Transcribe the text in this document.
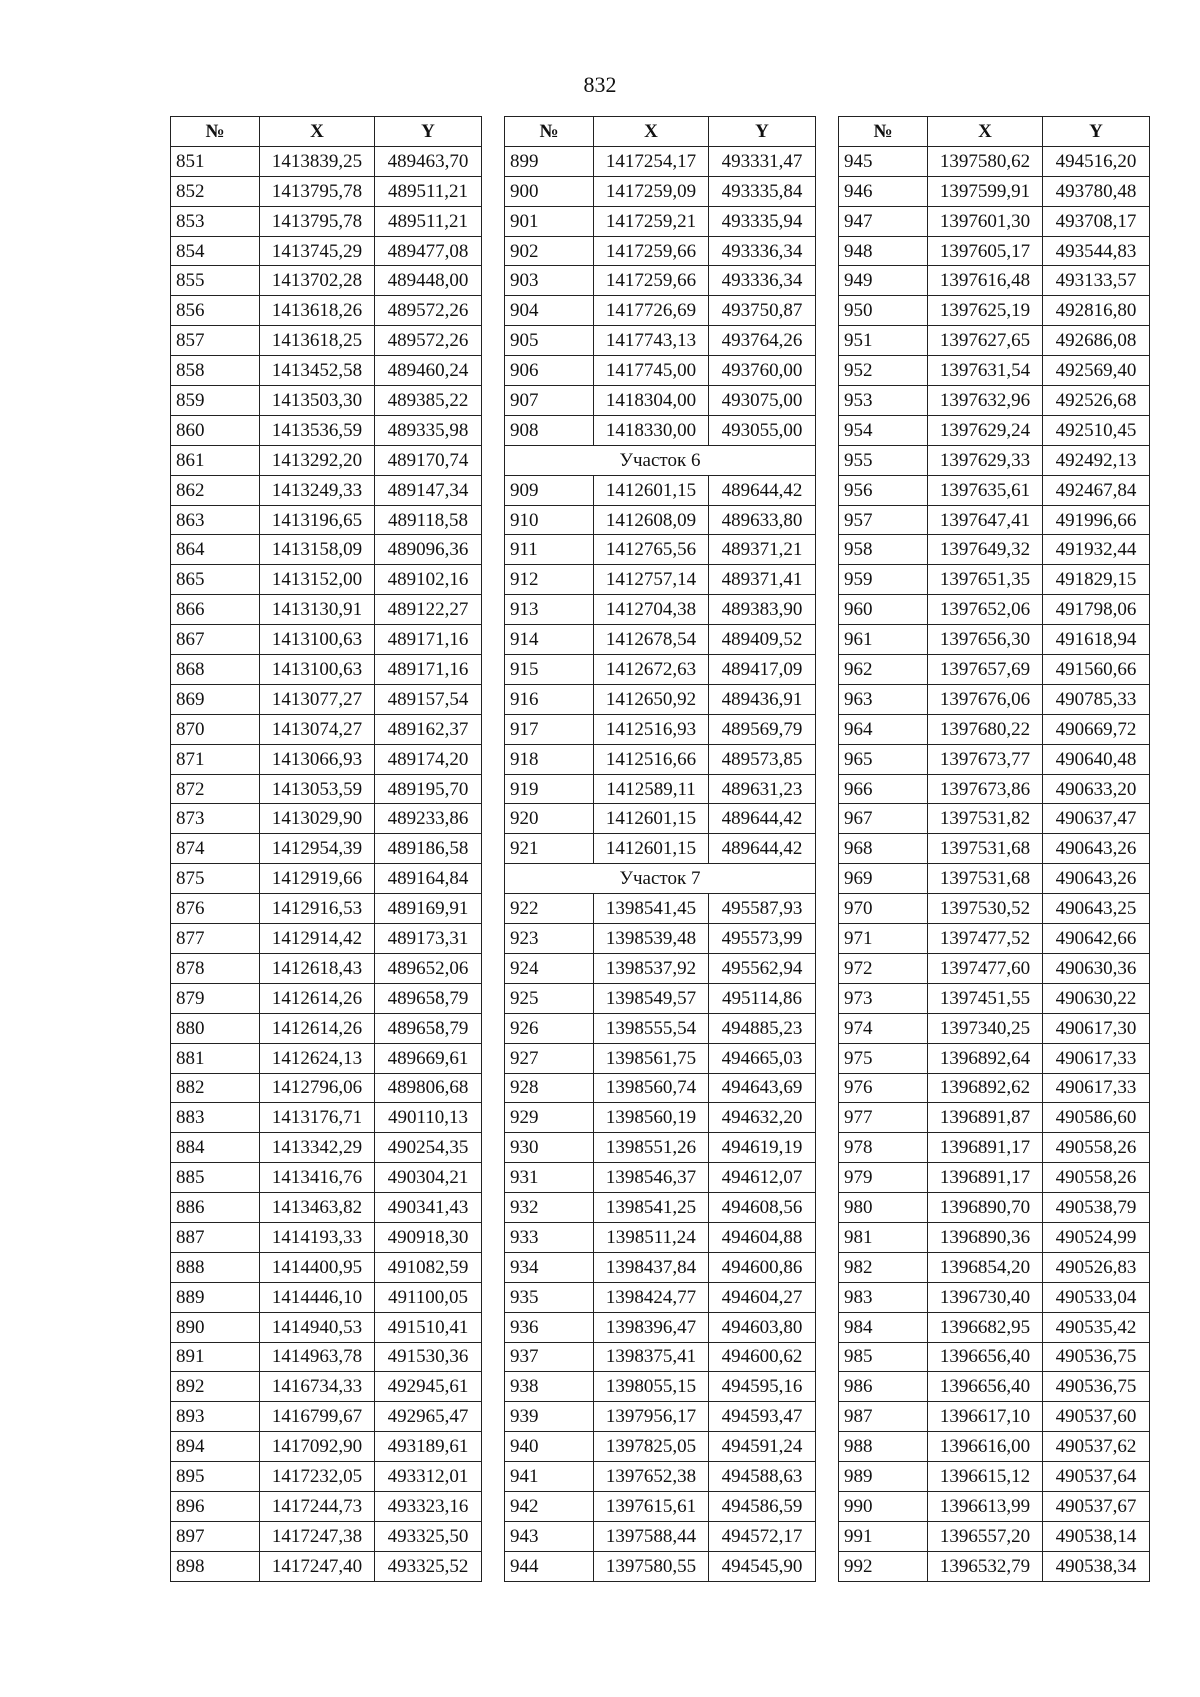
832
№	X	Y
851	1413839,25	489463,70
852	1413795,78	489511,21
853	1413795,78	489511,21
854	1413745,29	489477,08
855	1413702,28	489448,00
856	1413618,26	489572,26
857	1413618,25	489572,26
858	1413452,58	489460,24
859	1413503,30	489385,22
860	1413536,59	489335,98
861	1413292,20	489170,74
862	1413249,33	489147,34
863	1413196,65	489118,58
864	1413158,09	489096,36
865	1413152,00	489102,16
866	1413130,91	489122,27
867	1413100,63	489171,16
868	1413100,63	489171,16
869	1413077,27	489157,54
870	1413074,27	489162,37
871	1413066,93	489174,20
872	1413053,59	489195,70
873	1413029,90	489233,86
874	1412954,39	489186,58
875	1412919,66	489164,84
876	1412916,53	489169,91
877	1412914,42	489173,31
878	1412618,43	489652,06
879	1412614,26	489658,79
880	1412614,26	489658,79
881	1412624,13	489669,61
882	1412796,06	489806,68
883	1413176,71	490110,13
884	1413342,29	490254,35
885	1413416,76	490304,21
886	1413463,82	490341,43
887	1414193,33	490918,30
888	1414400,95	491082,59
889	1414446,10	491100,05
890	1414940,53	491510,41
891	1414963,78	491530,36
892	1416734,33	492945,61
893	1416799,67	492965,47
894	1417092,90	493189,61
895	1417232,05	493312,01
896	1417244,73	493323,16
897	1417247,38	493325,50
898	1417247,40	493325,52
№	X	Y
899	1417254,17	493331,47
900	1417259,09	493335,84
901	1417259,21	493335,94
902	1417259,66	493336,34
903	1417259,66	493336,34
904	1417726,69	493750,87
905	1417743,13	493764,26
906	1417745,00	493760,00
907	1418304,00	493075,00
908	1418330,00	493055,00
Участок 6		
909	1412601,15	489644,42
910	1412608,09	489633,80
911	1412765,56	489371,21
912	1412757,14	489371,41
913	1412704,38	489383,90
914	1412678,54	489409,52
915	1412672,63	489417,09
916	1412650,92	489436,91
917	1412516,93	489569,79
918	1412516,66	489573,85
919	1412589,11	489631,23
920	1412601,15	489644,42
921	1412601,15	489644,42
Участок 7		
922	1398541,45	495587,93
923	1398539,48	495573,99
924	1398537,92	495562,94
925	1398549,57	495114,86
926	1398555,54	494885,23
927	1398561,75	494665,03
928	1398560,74	494643,69
929	1398560,19	494632,20
930	1398551,26	494619,19
931	1398546,37	494612,07
932	1398541,25	494608,56
933	1398511,24	494604,88
934	1398437,84	494600,86
935	1398424,77	494604,27
936	1398396,47	494603,80
937	1398375,41	494600,62
938	1398055,15	494595,16
939	1397956,17	494593,47
940	1397825,05	494591,24
941	1397652,38	494588,63
942	1397615,61	494586,59
943	1397588,44	494572,17
944	1397580,55	494545,90
№	X	Y
945	1397580,62	494516,20
946	1397599,91	493780,48
947	1397601,30	493708,17
948	1397605,17	493544,83
949	1397616,48	493133,57
950	1397625,19	492816,80
951	1397627,65	492686,08
952	1397631,54	492569,40
953	1397632,96	492526,68
954	1397629,24	492510,45
955	1397629,33	492492,13
956	1397635,61	492467,84
957	1397647,41	491996,66
958	1397649,32	491932,44
959	1397651,35	491829,15
960	1397652,06	491798,06
961	1397656,30	491618,94
962	1397657,69	491560,66
963	1397676,06	490785,33
964	1397680,22	490669,72
965	1397673,77	490640,48
966	1397673,86	490633,20
967	1397531,82	490637,47
968	1397531,68	490643,26
969	1397531,68	490643,26
970	1397530,52	490643,25
971	1397477,52	490642,66
972	1397477,60	490630,36
973	1397451,55	490630,22
974	1397340,25	490617,30
975	1396892,64	490617,33
976	1396892,62	490617,33
977	1396891,87	490586,60
978	1396891,17	490558,26
979	1396891,17	490558,26
980	1396890,70	490538,79
981	1396890,36	490524,99
982	1396854,20	490526,83
983	1396730,40	490533,04
984	1396682,95	490535,42
985	1396656,40	490536,75
986	1396656,40	490536,75
987	1396617,10	490537,60
988	1396616,00	490537,62
989	1396615,12	490537,64
990	1396613,99	490537,67
991	1396557,20	490538,14
992	1396532,79	490538,34
